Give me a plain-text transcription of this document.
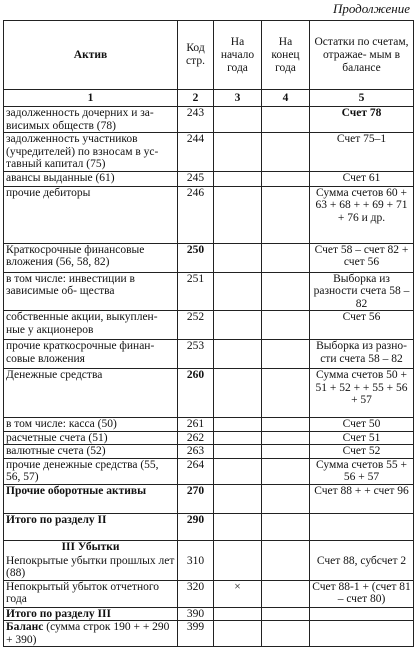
Продолжение
Актив	Код стр.	На начало года	На конец года	Остатки по счетам, отражае- мым в балансе
1	2	3	4	5
задолженность дочерних и за- висимых обществ (78)	243			Счет 78
задолженность участников (учредителей) по взносам в ус- тавный капитал (75)	244			Счет 75–1
авансы выданные (61)	245			Счет 61
прочие дебиторы	246			Сумма счетов 60 + 63 + 68 + + 69 + 71 + 76 и др.
Краткосрочные финансовые вложения (56, 58, 82)	250			Счет 58 – счет 82 + счет 56
в том числе: инвестиции в зависимые об- щества	251			Выборка из разности счета 58 – 82
собственные акции, выкуплен- ные у акционеров	252			Счет 56
прочие краткосрочные финан- совые вложения	253			Выборка из разно- сти счета 58 – 82
Денежные средства	260			Сумма счетов 50 + 51 + 52 + + 55 + 56 + 57
в том числе: касса (50)	261			Счет 50
расчетные счета (51)	262			Счет 51
валютные счета (52)	263			Счет 52
прочие денежные средства (55, 56, 57)	264			Сумма счетов 55 + 56 + 57
Прочие оборотные активы	270			Счет 88 + + счет 96
Итого по разделу II	290			
III Убытки				
Непокрытые убытки прошлых лет (88)	310			Счет 88, субсчет 2
Непокрытый убыток отчетного года	320	×		Счет 88-1 + (счет 81 – счет 80)
Итого по разделу III	390			
Баланс (сумма строк 190 + + 290 + 390)	399			
